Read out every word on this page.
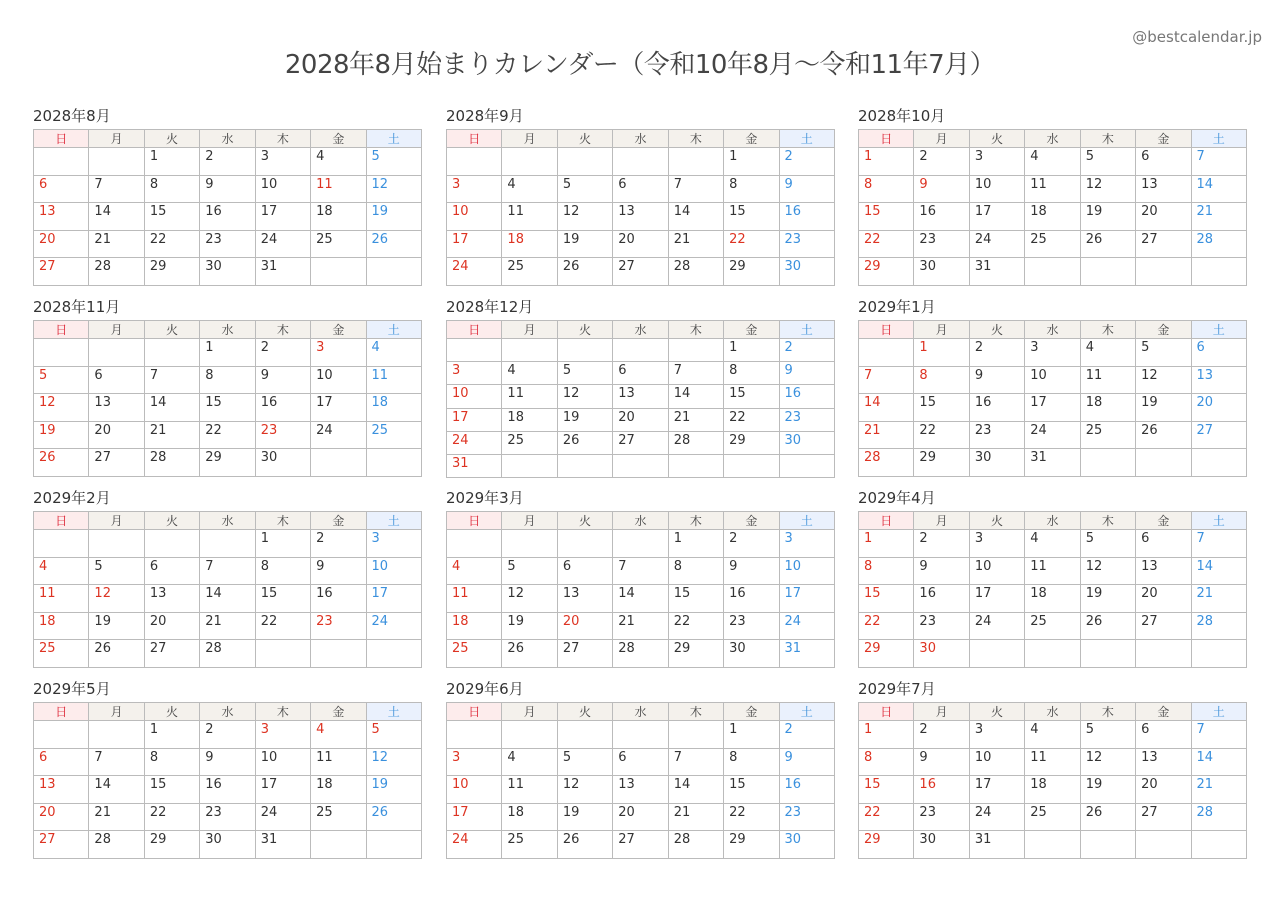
2028年8月始まりカレンダー（令和10年8月〜令和11年7月）
@bestcalendar.jp
2028年8月
日	月	火	水	木	金	土
		1	2	3	4	5
6	7	8	9	10	11	12
13	14	15	16	17	18	19
20	21	22	23	24	25	26
27	28	29	30	31		
2028年9月
日	月	火	水	木	金	土
					1	2
3	4	5	6	7	8	9
10	11	12	13	14	15	16
17	18	19	20	21	22	23
24	25	26	27	28	29	30
2028年10月
日	月	火	水	木	金	土
1	2	3	4	5	6	7
8	9	10	11	12	13	14
15	16	17	18	19	20	21
22	23	24	25	26	27	28
29	30	31				
2028年11月
日	月	火	水	木	金	土
			1	2	3	4
5	6	7	8	9	10	11
12	13	14	15	16	17	18
19	20	21	22	23	24	25
26	27	28	29	30		
2028年12月
日	月	火	水	木	金	土
					1	2
3	4	5	6	7	8	9
10	11	12	13	14	15	16
17	18	19	20	21	22	23
24	25	26	27	28	29	30
31						
2029年1月
日	月	火	水	木	金	土
	1	2	3	4	5	6
7	8	9	10	11	12	13
14	15	16	17	18	19	20
21	22	23	24	25	26	27
28	29	30	31			
2029年2月
日	月	火	水	木	金	土
				1	2	3
4	5	6	7	8	9	10
11	12	13	14	15	16	17
18	19	20	21	22	23	24
25	26	27	28			
2029年3月
日	月	火	水	木	金	土
				1	2	3
4	5	6	7	8	9	10
11	12	13	14	15	16	17
18	19	20	21	22	23	24
25	26	27	28	29	30	31
2029年4月
日	月	火	水	木	金	土
1	2	3	4	5	6	7
8	9	10	11	12	13	14
15	16	17	18	19	20	21
22	23	24	25	26	27	28
29	30					
2029年5月
日	月	火	水	木	金	土
		1	2	3	4	5
6	7	8	9	10	11	12
13	14	15	16	17	18	19
20	21	22	23	24	25	26
27	28	29	30	31		
2029年6月
日	月	火	水	木	金	土
					1	2
3	4	5	6	7	8	9
10	11	12	13	14	15	16
17	18	19	20	21	22	23
24	25	26	27	28	29	30
2029年7月
日	月	火	水	木	金	土
1	2	3	4	5	6	7
8	9	10	11	12	13	14
15	16	17	18	19	20	21
22	23	24	25	26	27	28
29	30	31				
